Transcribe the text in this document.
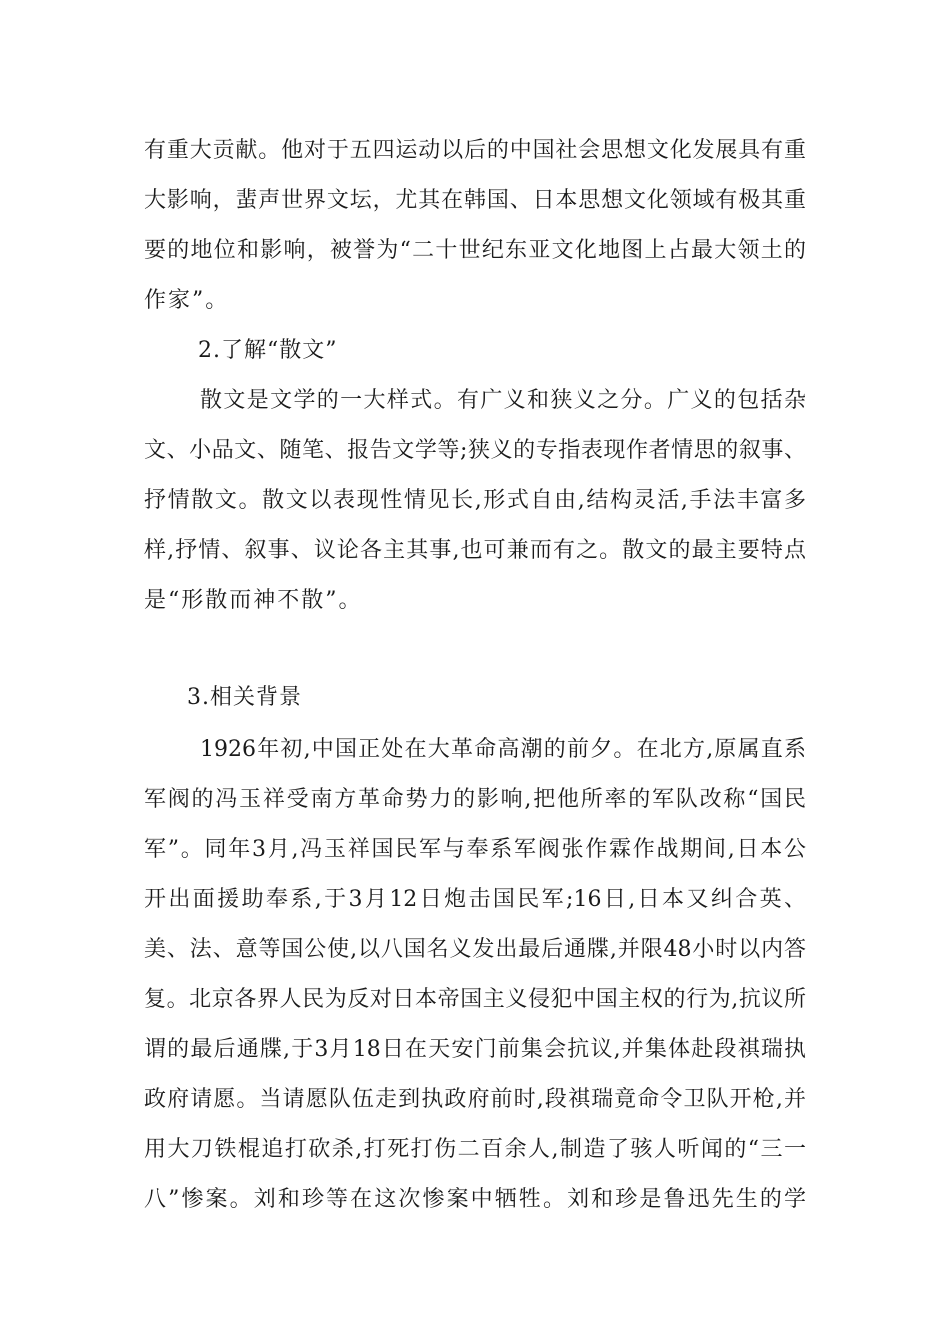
有重大贡献。他对于五四运动以后的中国社会思想文化发展具有重
大影响，蜚声世界文坛，尤其在韩国、日本思想文化领域有极其重
要的地位和影响，被誉为“二十世纪东亚文化地图上占最大领土的
作家”。
2.了解“散文”
散文是文学的一大样式。有广义和狭义之分。广义的包括杂
文、小品文、随笔、报告文学等;狭义的专指表现作者情思的叙事、
抒情散文。散文以表现性情见长,形式自由,结构灵活,手法丰富多
样,抒情、叙事、议论各主其事,也可兼而有之。散文的最主要特点
是“形散而神不散”。
3.相关背景
1926年初,中国正处在大革命高潮的前夕。在北方,原属直系
军阀的冯玉祥受南方革命势力的影响,把他所率的军队改称“国民
军”。同年3月,冯玉祥国民军与奉系军阀张作霖作战期间,日本公
开出面援助奉系,于3月12日炮击国民军;16日,日本又纠合英、
美、法、意等国公使,以八国名义发出最后通牒,并限48小时以内答
复。北京各界人民为反对日本帝国主义侵犯中国主权的行为,抗议所
谓的最后通牒,于3月18日在天安门前集会抗议,并集体赴段祺瑞执
政府请愿。当请愿队伍走到执政府前时,段祺瑞竟命令卫队开枪,并
用大刀铁棍追打砍杀,打死打伤二百余人,制造了骇人听闻的“三一
八”惨案。刘和珍等在这次惨案中牺牲。刘和珍是鲁迅先生的学
